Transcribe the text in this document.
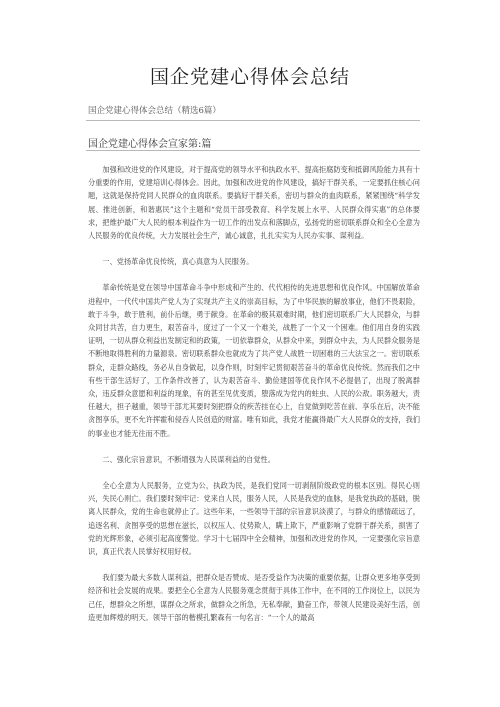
国企党建心得体会总结
国企党建心得体会总结（精选6篇）
国企党建心得体会宣家第:篇

加强和改进党的作风建设，对于提高党的领导水平和执政水平、提高拒腐防变和抵御风险能力具有十分重要的作用，党建培训心得体会。因此，加强和改进党的作风建设，搞好干群关系，一定要抓住核心问题，这就是保持党同人民群众的血肉联系。要搞好干群关系，密切与群众的血肉联系，紧紧围绕“科学发展、推进创新，和谐惠民”这个主题和“党员干部受教育、科学发展上水平、人民群众得实惠”的总体要求，把维护最广大人民的根本利益作为一切工作的出发点和落脚点，弘扬党的密切联系群众和全心全意为人民服务的优良传统，大力发展社会生产，诚心诚意，扎扎实实为人民办实事、谋利益。

一、党扬革命优良传统，真心真意为人民服务。

革命传统是党在领导中国革命斗争中形成和产生的、代代相传的先进思想和优良作风。中国解放革命进程中，一代代中国共产党人为了实现共产主义的崇高目标，为了中华民族的解放事业，他们不畏艰险，敢于斗争，敢于胜利，前仆后继，勇于献身。在革命的极其艰难时期，他们密切联系广大人民群众，与群众同甘共苦，自力更生，艰苦奋斗，度过了一个又一个难关，战胜了一个又一个困难。他们用自身的实践证明，一切从群众利益出发制定和的政策，一切依靠群众，从群众中来，到群众中去，为人民群众服务是不断地取得胜利的力量源泉。密切联系群众也就成为了共产党人战胜一切困难的三大法宝之一。密切联系群众，走群众路线，务必从自身做起，以身作则，时刻牢记贯彻艰苦奋斗的革命优良传统。然而我们之中有些干部生活好了，工作条件改善了，认为艰苦奋斗、勤俭建国等优良作风不必提倡了，出现了脱离群众，违反群众意愿和利益的现象，有的甚至见优变质，堕落成为党内的蛀虫、人民的公敌。职务越大，责任越大，担子越重，领导干部尤其要时刻把群众的疾苦挂在心上，自觉做到吃苦在前、享乐在后，决不能贪图享乐，更不允许挥霍和侵吞人民创造的财富。唯有如此，我党才能赢得最广大人民群众的支持，我们的事业也才能无往而不胜。

二、强化宗旨意识，不断增强为人民谋利益的自觉性。

全心全意为人民服务，立党为公，执政为民，是我们党同一切剥削阶级政党的根本区别。得民心则兴，失民心则亡。我们要时刻牢记：党来自人民，服务人民，人民是我党的血脉，是我党执政的基础，脱离人民群众，党的生命也就停止了。这些年来，一些领导干部的宗旨意识淡漠了，与群众的感情疏远了，追逐名利、贪图享受的思想在滋长，以权压人、仗势欺人，瞒上欺下，严重影响了党群干群关系，损害了党的光辉形象，必须引起高度警觉。学习十七届四中全会精神，加强和改进党的作风，一定要强化宗旨意识，真正代表人民掌好权用好权。

我们要为最大多数人谋利益，把群众是否赞成、是否受益作为决策的重要依据，让群众更多地享受到经济和社会发展的成果。要把全心全意为人民服务观念贯彻于具体工作中，在不同的工作岗位上，以民为己任，想群众之所想，谋群众之所求，做群众之所急，无私奉献，勤奋工作，带领人民建设美好生活，创造更加辉煌的明天。领导干部的楷模孔繁森有一句名言：“一个人的最高
